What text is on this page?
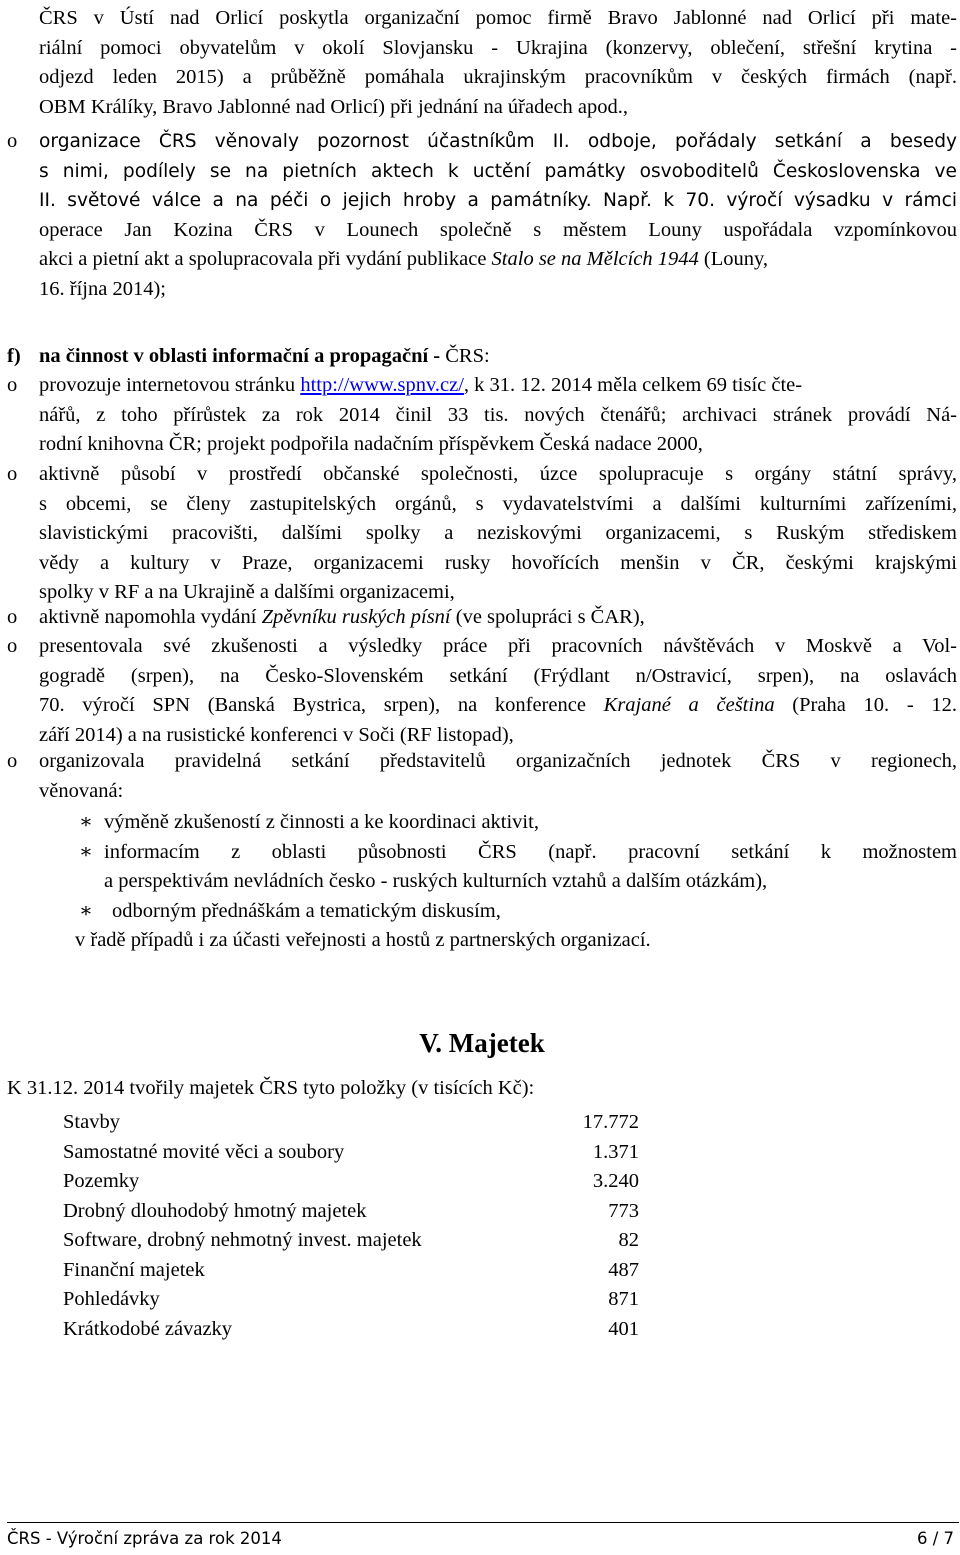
ČRS v Ústí nad Orlicí poskytla organizační pomoc firmě Bravo Jablonné nad Orlicí při mate-
riální pomoci obyvatelům v okolí Slovjansku - Ukrajina (konzervy, oblečení, střešní krytina -
odjezd leden 2015) a průběžně pomáhala ukrajinským pracovníkům v českých firmách (např.
OBM Králíky, Bravo Jablonné nad Orlicí) při jednání na úřadech apod.,
o organizace ČRS věnovaly pozornost účastníkům II. odboje, pořádaly setkání a besedy
s nimi, podílely se na pietních aktech k uctění památky osvoboditelů Československa ve
II. světové válce a na péči o jejich hroby a památníky. Např. k 70. výročí výsadku v rámci
operace Jan Kozina ČRS v Lounech společně s městem Louny uspořádala vzpomínkovou
akci a pietní akt a spolupracovala při vydání publikace Stalo se na Mělcích 1944 (Louny,
16. října 2014);
f) na činnost v oblasti informační a propagační - ČRS:
o provozuje internetovou stránku http://www.spnv.cz/, k 31. 12. 2014 měla celkem 69 tisíc čte-
nářů, z toho přírůstek za rok 2014 činil 33 tis. nových čtenářů; archivaci stránek provádí Ná-
rodní knihovna ČR; projekt podpořila nadačním příspěvkem Česká nadace 2000,
o aktivně působí v prostředí občanské společnosti, úzce spolupracuje s orgány státní správy,
s obcemi, se členy zastupitelských orgánů, s vydavatelstvími a dalšími kulturními zařízeními,
slavistickými pracovišti, dalšími spolky a neziskovými organizacemi, s Ruským střediskem
vědy a kultury v Praze, organizacemi rusky hovořících menšin v ČR, českými krajskými
spolky v RF a na Ukrajině a dalšími organizacemi,
o aktivně napomohla vydání Zpěvníku ruských písní (ve spolupráci s ČAR),
o presentovala své zkušenosti a výsledky práce při pracovních návštěvách v Moskvě a Vol-
gogradě (srpen), na Česko-Slovenském setkání (Frýdlant n/Ostravicí, srpen), na oslavách
70. výročí SPN (Banská Bystrica, srpen), na konference Krajané a čeština (Praha 10. - 12.
září 2014) a na rusistické konferenci v Soči (RF listopad),
o organizovala pravidelná setkání představitelů organizačních jednotek ČRS v regionech,
věnovaná:
∗ výměně zkušeností z činnosti a ke koordinaci aktivit,
∗ informacím z oblasti působnosti ČRS (např. pracovní setkání k možnostem
a perspektivám nevládních česko - ruských kulturních vztahů a dalším otázkám),
∗ odborným přednáškám a tematickým diskusím,
v řadě případů i za účasti veřejnosti a hostů z partnerských organizací.
V. Majetek
K 31.12. 2014 tvořily majetek ČRS tyto položky (v tisících Kč):
Stavby	17.772
Samostatné movité věci a soubory	1.371
Pozemky	3.240
Drobný dlouhodobý hmotný majetek	773
Software, drobný nehmotný invest. majetek	82
Finanční majetek	487
Pohledávky	871
Krátkodobé závazky	401
ČRS - Výroční zpráva za rok 2014	6 / 7
